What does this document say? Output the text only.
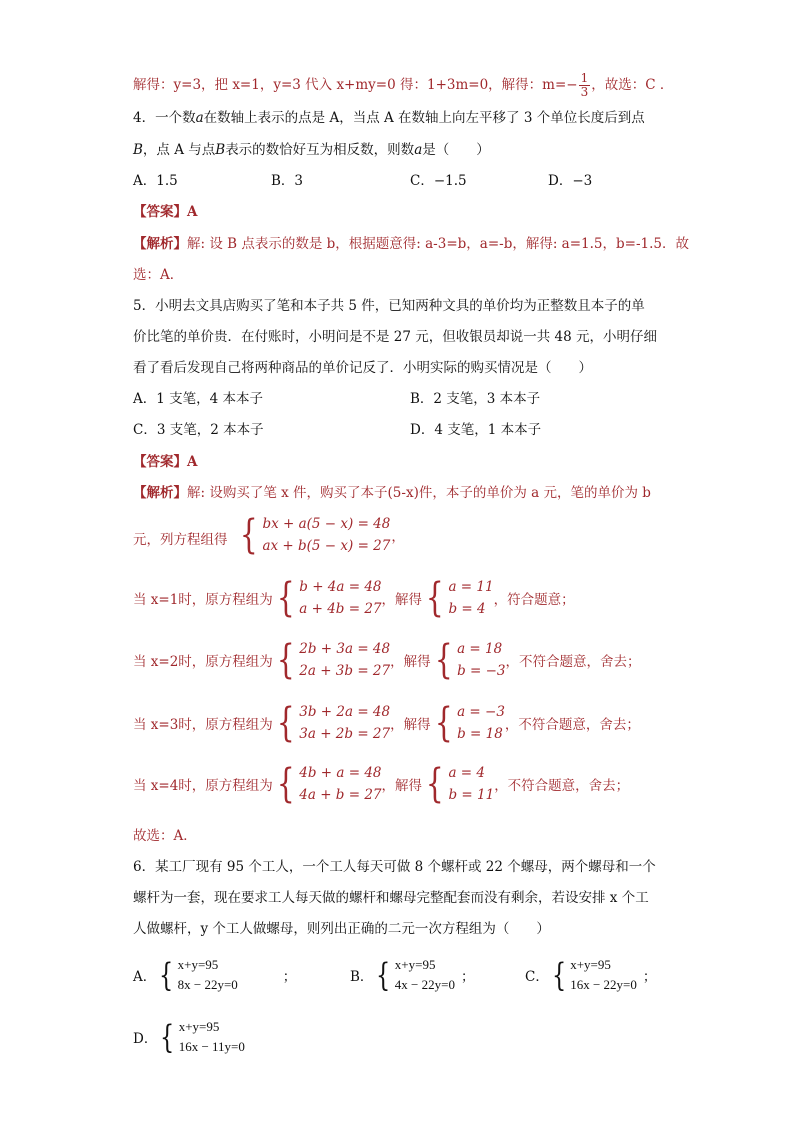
解得：y=3，把 x=1，y=3 代入 x+my=0 得：1+3m=0，解得：$m=- \frac{1}{3}$ ，故选：C ．
4．一个数a在数轴上表示的点是 A，当点 A 在数轴上向左平移了 3 个单位长度后到点
B，点 A 与点B表示的数恰好互为相反数，则数a是（　　）
A．1.5	B．3	C．−1.5	D．−3
【答案】A
【解析】解: 设 B 点表示的数是 b，根据题意得: a-3=b，a=-b，解得: a=1.5，b=-1.5．故
选：A．
5．小明去文具店购买了笔和本子共 5 件，已知两种文具的单价均为正整数且本子的单
价比笔的单价贵．在付账时，小明问是不是 27 元，但收银员却说一共 48 元，小明仔细
看了看后发现自己将两种商品的单价记反了．小明实际的购买情况是（　　）
A．1 支笔，4 本本子	B．2 支笔，3 本本子
C．3 支笔，2 本本子	D．4 支笔，1 本本子
【答案】A
【解析】解: 设购买了笔 x 件，购买了本子(5-x)件，本子的单价为 a 元，笔的单价为 b
元，列方程组得 { bx + a(5 − x) = 48
ax + b(5 − x) = 27
，
当 x=1时，原方程组为 { b + 4a = 48
a + 4b = 27
，解得 { a = 11
b = 4
，符合题意；
当 x=2时，原方程组为 { 2b + 3a = 48
2a + 3b = 27
，解得 { a = 18
b = −3
，不符合题意，舍去；
当 x=3时，原方程组为 { 3b + 2a = 48
3a + 2b = 27
，解得 { a = −3
b = 18
，不符合题意，舍去；
当 x=4时，原方程组为 { 4b + a = 48
4a + b = 27
，解得 { a = 4
b = 11
，不符合题意，舍去；
故选：A．
6．某工厂现有 95 个工人，一个工人每天可做 8 个螺杆或 22 个螺母，两个螺母和一个
螺杆为一套，现在要求工人每天做的螺杆和螺母完整配套而没有剩余，若设安排 x 个工
人做螺杆，y 个工人做螺母，则列出正确的二元一次方程组为（　　）
A． { x+y=95
8x − 22y=0	；	B． { x+y=95
4x − 22y=0 ；	C． { x+y=95
16x − 22y=0 ；
D． { x+y=95
16x − 11y=0
